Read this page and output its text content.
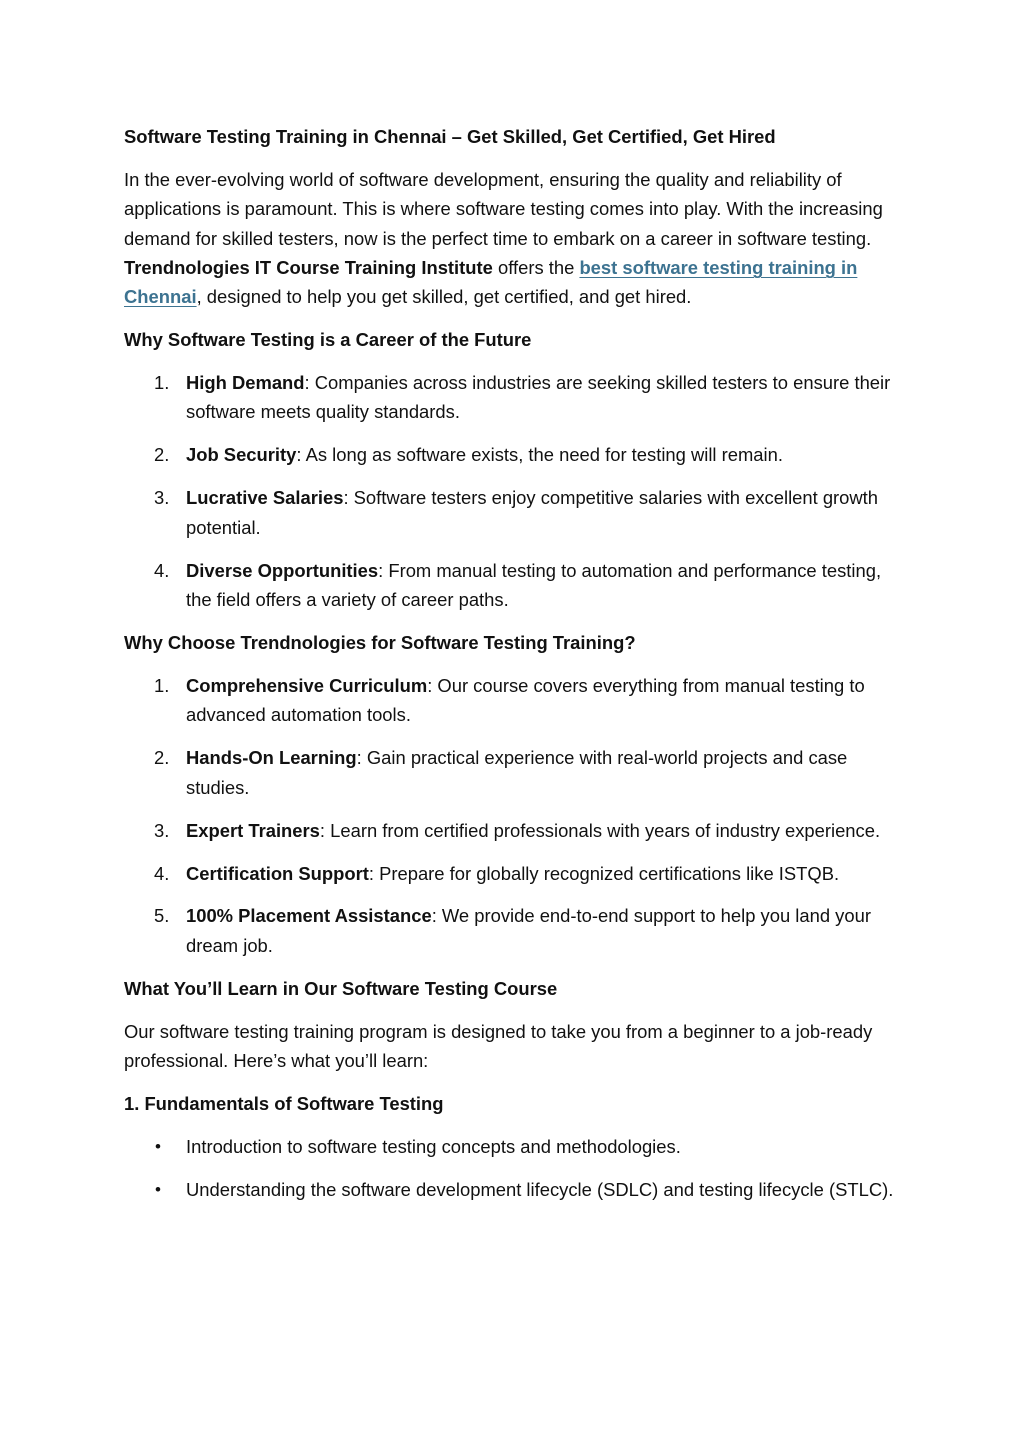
Software Testing Training in Chennai – Get Skilled, Get Certified, Get Hired

In the ever-evolving world of software development, ensuring the quality and reliability of applications is paramount. This is where software testing comes into play. With the increasing demand for skilled testers, now is the perfect time to embark on a career in software testing. Trendnologies IT Course Training Institute offers the best software testing training in Chennai, designed to help you get skilled, get certified, and get hired.

Why Software Testing is a Career of the Future
1. High Demand: Companies across industries are seeking skilled testers to ensure their software meets quality standards.
2. Job Security: As long as software exists, the need for testing will remain.
3. Lucrative Salaries: Software testers enjoy competitive salaries with excellent growth potential.
4. Diverse Opportunities: From manual testing to automation and performance testing, the field offers a variety of career paths.
Why Choose Trendnologies for Software Testing Training?
1. Comprehensive Curriculum: Our course covers everything from manual testing to advanced automation tools.
2. Hands-On Learning: Gain practical experience with real-world projects and case studies.
3. Expert Trainers: Learn from certified professionals with years of industry experience.
4. Certification Support: Prepare for globally recognized certifications like ISTQB.
5. 100% Placement Assistance: We provide end-to-end support to help you land your dream job.
What You’ll Learn in Our Software Testing Course

Our software testing training program is designed to take you from a beginner to a job-ready professional. Here’s what you’ll learn:

1. Fundamentals of Software Testing
• Introduction to software testing concepts and methodologies.
• Understanding the software development lifecycle (SDLC) and testing lifecycle (STLC).
